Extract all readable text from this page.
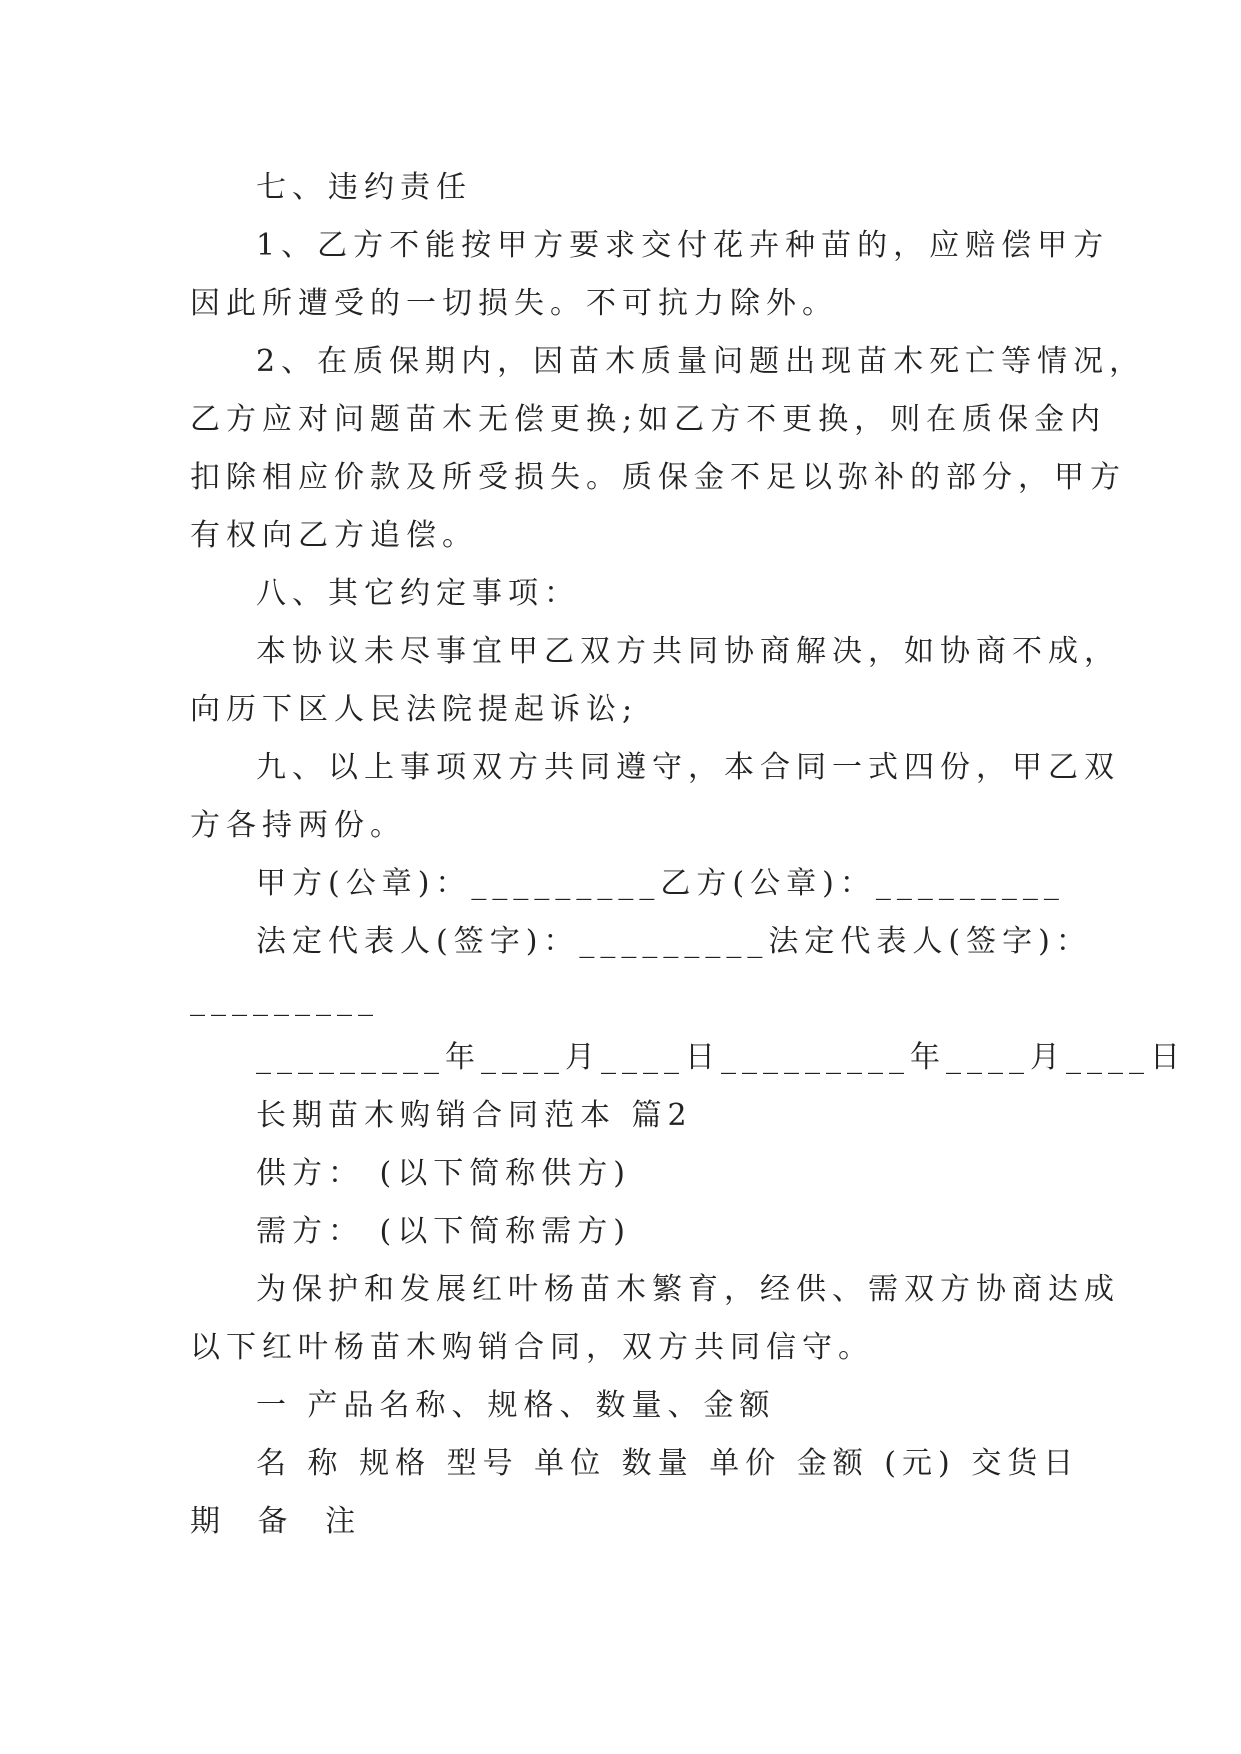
七、违约责任
1、乙方不能按甲方要求交付花卉种苗的，应赔偿甲方
因此所遭受的一切损失。不可抗力除外。
2、在质保期内，因苗木质量问题出现苗木死亡等情况，
乙方应对问题苗木无偿更换;如乙方不更换，则在质保金内
扣除相应价款及所受损失。质保金不足以弥补的部分，甲方
有权向乙方追偿。
八、其它约定事项：
本协议未尽事宜甲乙双方共同协商解决，如协商不成，
向历下区人民法院提起诉讼;
九、以上事项双方共同遵守，本合同一式四份，甲乙双
方各持两份。
甲方(公章)：_________乙方(公章)：_________
法定代表人(签字)：_________法定代表人(签字)：
_________
_________年____月____日_________年____月____日
长期苗木购销合同范本 篇2
供方： (以下简称供方)
需方： (以下简称需方)
为保护和发展红叶杨苗木繁育，经供、需双方协商达成
以下红叶杨苗木购销合同，双方共同信守。
一 产品名称、规格、数量、金额
名 称 规格 型号 单位 数量 单价 金额 (元) 交货日
期 备 注
